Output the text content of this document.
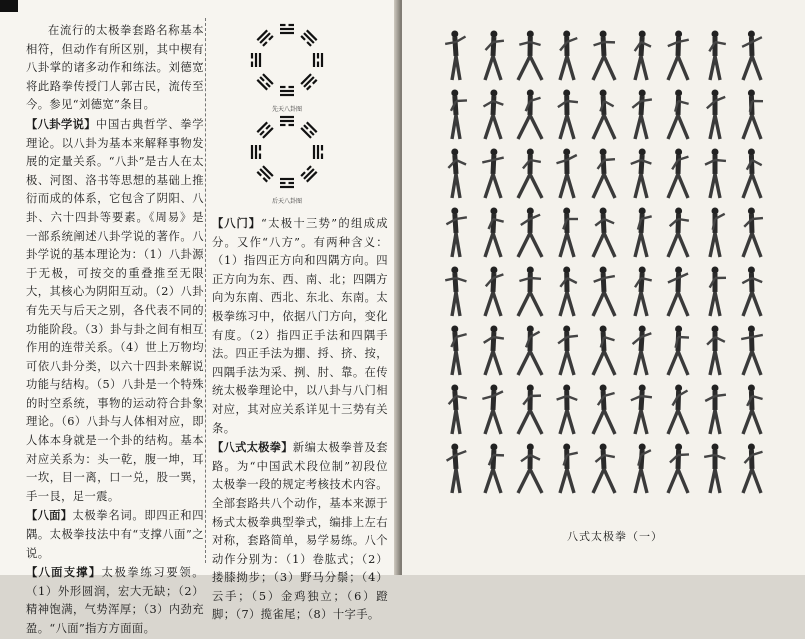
在流行的太极拳套路名称基本相符，但动作有所区别，其中楔有八卦掌的诸多动作和练法。刘德宽将此路拳传授门人郭古民，流传至今。参见“刘德宽”条目。

【八卦学说】中国古典哲学、拳学理论。以八卦为基本来解释事物发展的定量关系。“八卦”是古人在太极、河图、洛书等思想的基础上推衍而成的体系，它包含了阴阳、八卦、六十四卦等要素。《周易》是一部系统阐述八卦学说的著作。八卦学说的基本理论为：（1）八卦源于无极，可按交的重叠推至无限大，其核心为阴阳互动。（2）八卦有先天与后天之别，各代表不同的功能阶段。（3）卦与卦之间有相互作用的连带关系。（4）世上万物均可依八卦分类，以六十四卦来解说功能与结构。（5）八卦是一个特殊的时空系统，事物的运动符合卦象理论。（6）八卦与人体相对应，即人体本身就是一个卦的结构。基本对应关系为：头一乾，腹一坤，耳一坎，目一离，口一兑，股一巽，手一艮，足一震。

【八面】太极拳名词。即四正和四隅。太极拳技法中有“支撑八面”之说。

【八面支撑】太极拳练习要领。（1）外形圆润，宏大无缺；（2）精神饱满，气势浑厚；（3）内劲充盈。“八面”指方方面面。

先天八卦图
后天八卦图

【八门】“太极十三势”的组成成分。又作“八方”。有两种含义：（1）指四正方向和四隅方向。四正方向为东、西、南、北；四隅方向为东南、西北、东北、东南。太极拳练习中，依据八门方向，变化有度。（2）指四正手法和四隅手法。四正手法为掤、捋、挤、按，四隅手法为采、挒、肘、靠。在传统太极拳理论中，以八卦与八门相对应，其对应关系详见十三势有关条。

【八式太极拳】新编太极拳普及套路。为“中国武术段位制”初段位太极拳一段的规定考核技术内容。全部套路共八个动作，基本来源于杨式太极拳典型拳式，编排上左右对称，套路简单，易学易练。八个动作分别为：（1）卷肱式；（2）搂膝拗步；（3）野马分鬃；（4）云手；（5）金鸡独立；（6）蹬脚；（7）揽雀尾；（8）十字手。

八式太极拳（一）
